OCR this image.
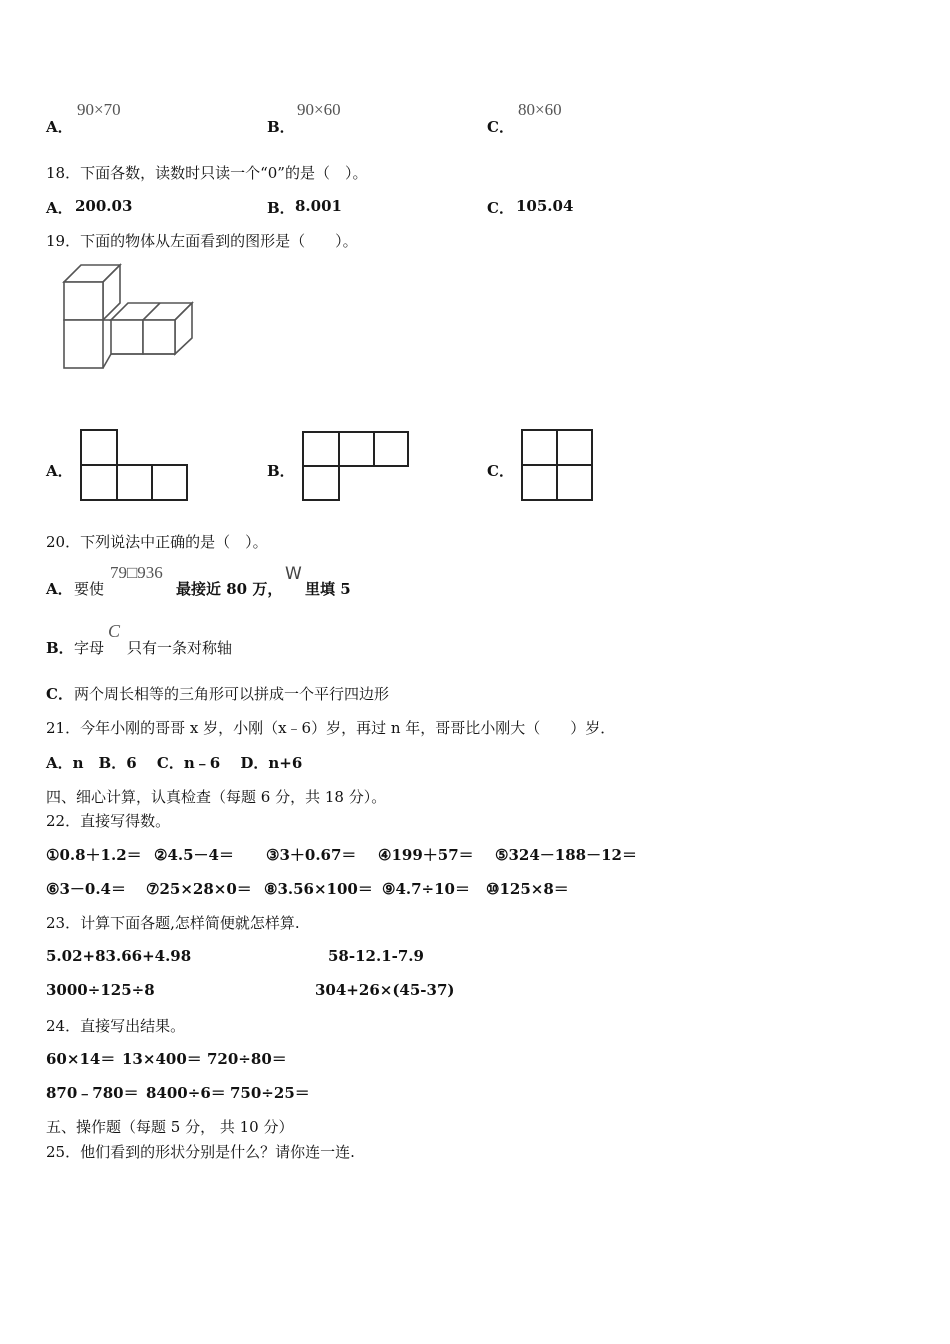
A．
90×70
B．
90×60
C．
80×60
18．下面各数，读数时只读一个“0”的是（　）。
A． 200.03	B． 8.001	C． 105.04
19．下面的物体从左面看到的图形是（　　）。
A．	B．	C．
20．下列说法中正确的是（　）。
A． 要使
79□936
最接近 80 万，
W
里填 5
B． 字母
C
只有一条对称轴
C． 两个周长相等的三角形可以拼成一个平行四边形
21．今年小刚的哥哥 x 岁，小刚（x﹣6）岁，再过 n 年，哥哥比小刚大（　　）岁．
A．n　B．6　 C．n﹣6　 D．n+6
四、细心计算，认真检查（每题 6 分，共 18 分）。
22．直接写得数。
①0.8＋1.2＝ ②4.5－4＝ ③3＋0.67＝ ④199＋57＝ ⑤324－188－12＝
⑥3－0.4＝ ⑦25×28×0＝ ⑧3.56×100＝ ⑨4.7÷10＝ ⑩125×8＝
23．计算下面各题,怎样简便就怎样算.
5.02+83.66+4.98	58-12.1-7.9
3000÷125÷8	304+26×(45-37)
24．直接写出结果。
60×14＝ 13×400＝ 720÷80＝
870﹣780＝ 8400÷6＝ 750÷25＝
五、操作题（每题 5 分， 共 10 分）
25．他们看到的形状分别是什么？请你连一连.
